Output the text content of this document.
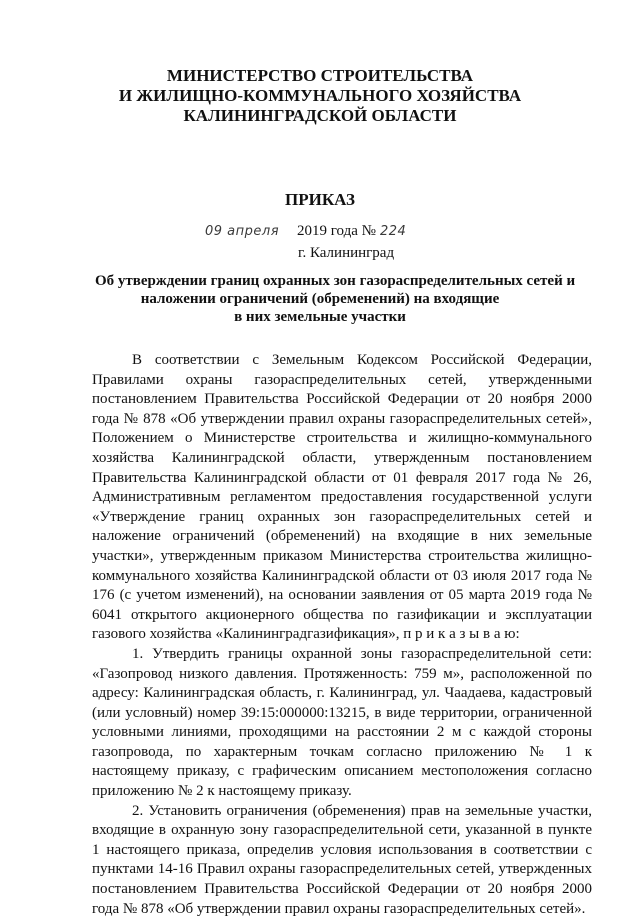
МИНИСТЕРСТВО СТРОИТЕЛЬСТВА
И ЖИЛИЩНО-КОММУНАЛЬНОГО ХОЗЯЙСТВА
КАЛИНИНГРАДСКОЙ ОБЛАСТИ
ПРИКАЗ
09 апреля 2019 года № 224
г. Калининград
Об утверждении границ охранных зон газораспределительных сетей и
наложении ограничений (обременений) на входящие
в них земельные участки

В соответствии с Земельным Кодексом Российской Федерации, Правилами охраны газораспределительных сетей, утвержденными постановлением Правительства Российской Федерации от 20 ноября 2000 года № 878 «Об утверждении правил охраны газораспределительных сетей», Положением о Министерстве строительства и жилищно-коммунального хозяйства Калининградской области, утвержденным постановлением Правительства Калининградской области от 01 февраля 2017 года № 26, Административным регламентом предоставления государственной услуги «Утверждение границ охранных зон газораспределительных сетей и наложение ограничений (обременений) на входящие в них земельные участки», утвержденным приказом Министерства строительства жилищно-коммунального хозяйства Калининградской области от 03 июля 2017 года № 176 (с учетом изменений), на основании заявления от 05 марта 2019 года № 6041 открытого акционерного общества по газификации и эксплуатации газового хозяйства «Калининградгазификация», п р и к а з ы в а ю:

1. Утвердить границы охранной зоны газораспределительной сети: «Газопровод низкого давления. Протяженность: 759 м», расположенной по адресу: Калининградская область, г. Калининград, ул. Чаадаева, кадастровый (или условный) номер 39:15:000000:13215, в виде территории, ограниченной условными линиями, проходящими на расстоянии 2 м с каждой стороны газопровода, по характерным точкам согласно приложению № 1 к настоящему приказу, с графическим описанием местоположения согласно приложению № 2 к настоящему приказу.

2. Установить ограничения (обременения) прав на земельные участки, входящие в охранную зону газораспределительной сети, указанной в пункте 1 настоящего приказа, определив условия использования в соответствии с пунктами 14-16 Правил охраны газораспределительных сетей, утвержденных постановлением Правительства Российской Федерации от 20 ноября 2000 года № 878 «Об утверждении правил охраны газораспределительных сетей».
